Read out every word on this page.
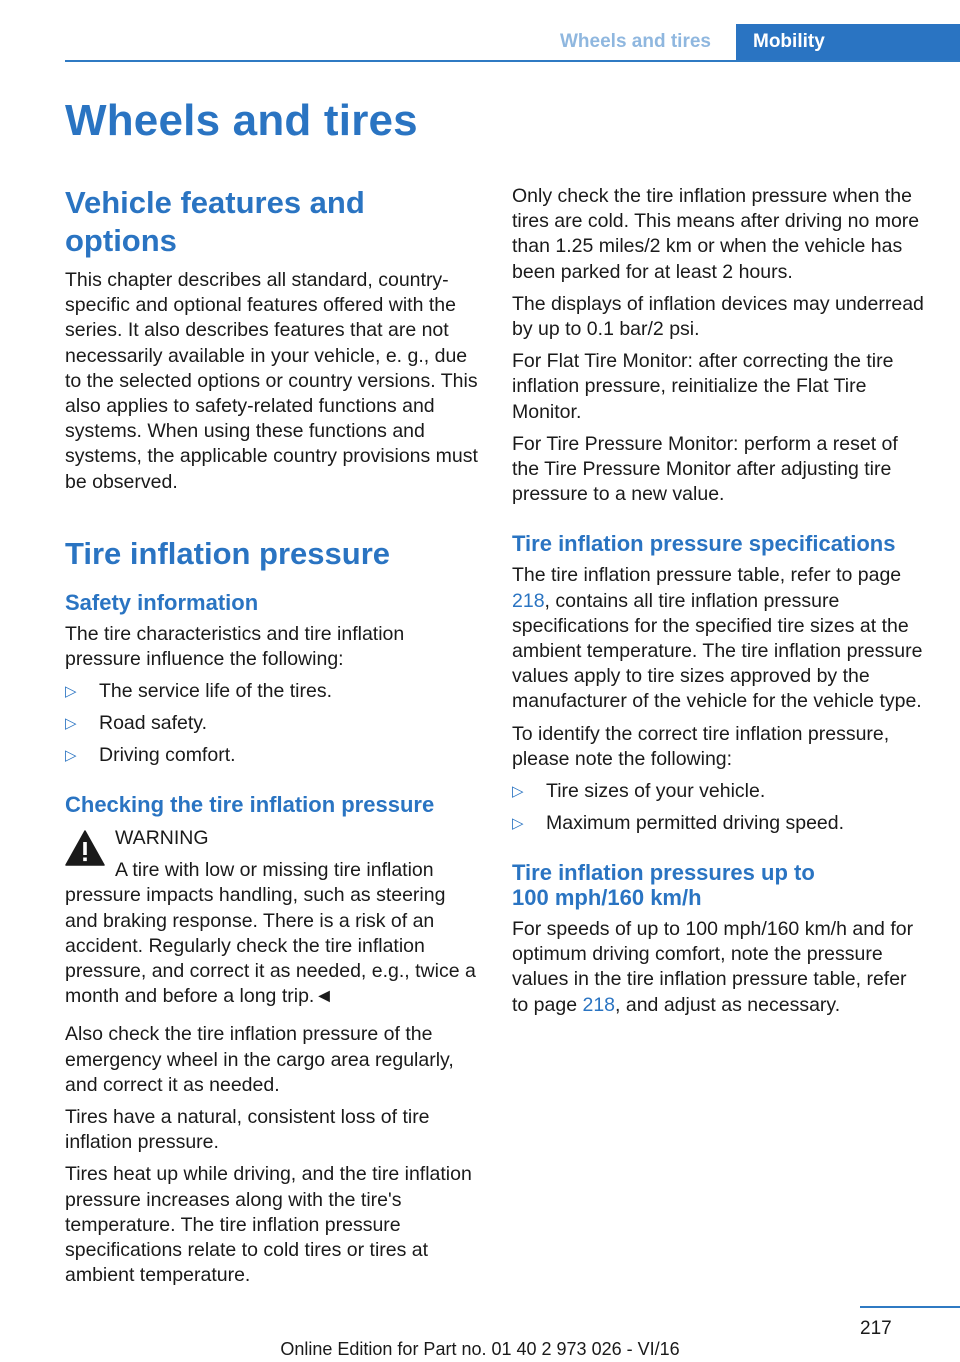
Wheels and tires	Mobility
Wheels and tires
Vehicle features and options

This chapter describes all standard, country-specific and optional features offered with the series. It also describes features that are not necessarily available in your vehicle, e. g., due to the selected options or country versions. This also applies to safety-related functions and systems. When using these functions and systems, the applicable country provisions must be observed.

Tire inflation pressure
Safety information

The tire characteristics and tire inflation pressure influence the following:

▷ The service life of the tires.
▷ Road safety.
▷ Driving comfort.
Checking the tire inflation pressure
WARNING
A tire with low or missing tire inflation pressure impacts handling, such as steering and braking response. There is a risk of an accident. Regularly check the tire inflation pressure, and correct it as needed, e.g., twice a month and before a long trip.◄

Also check the tire inflation pressure of the emergency wheel in the cargo area regularly, and correct it as needed.

Tires have a natural, consistent loss of tire inflation pressure.

Tires heat up while driving, and the tire inflation pressure increases along with the tire's temperature. The tire inflation pressure specifications relate to cold tires or tires at ambient temperature.

Only check the tire inflation pressure when the tires are cold. This means after driving no more than 1.25 miles/2 km or when the vehicle has been parked for at least 2 hours.

The displays of inflation devices may underread by up to 0.1 bar/2 psi.

For Flat Tire Monitor: after correcting the tire inflation pressure, reinitialize the Flat Tire Monitor.

For Tire Pressure Monitor: perform a reset of the Tire Pressure Monitor after adjusting tire pressure to a new value.

Tire inflation pressure specifications

The tire inflation pressure table, refer to page 218, contains all tire inflation pressure specifications for the specified tire sizes at the ambient temperature. The tire inflation pressure values apply to tire sizes approved by the manufacturer of the vehicle for the vehicle type.

To identify the correct tire inflation pressure, please note the following:

▷ Tire sizes of your vehicle.
▷ Maximum permitted driving speed.
Tire inflation pressures up to
100 mph/160 km/h

For speeds of up to 100 mph/160 km/h and for optimum driving comfort, note the pressure values in the tire inflation pressure table, refer to page 218, and adjust as necessary.

217
Online Edition for Part no. 01 40 2 973 026 - VI/16
